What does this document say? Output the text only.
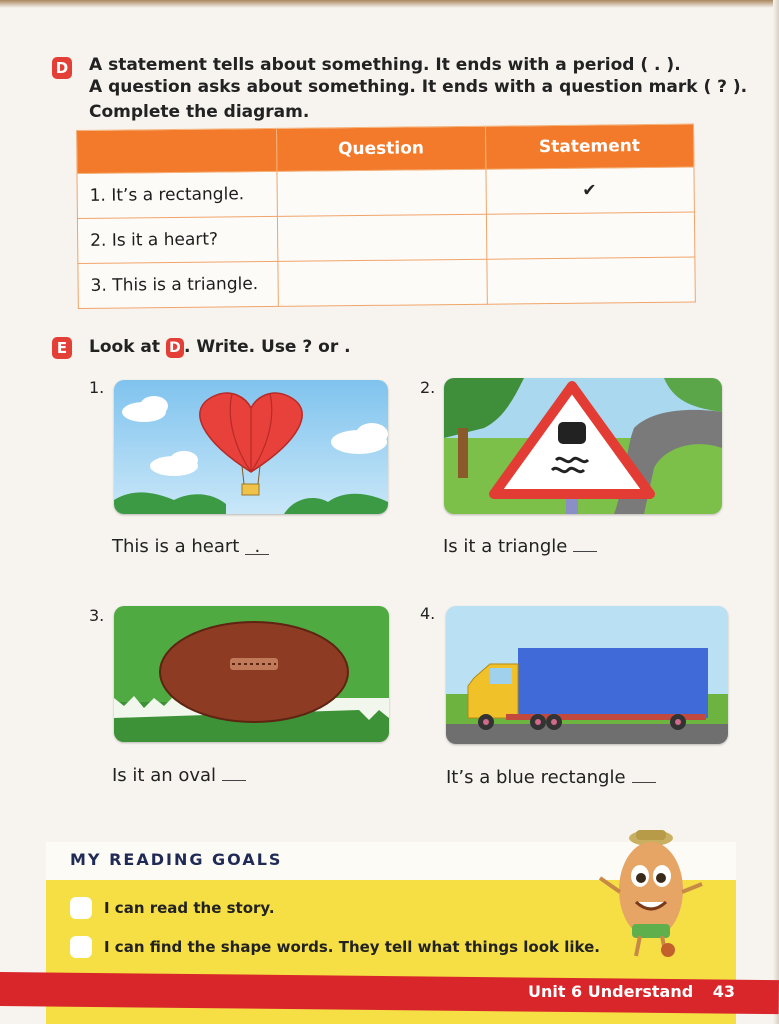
D A statement tells about something. It ends with a period ( . ).
A question asks about something. It ends with a question mark ( ? ).
Complete the diagram.
	Question	Statement
1. It’s a rectangle.		✔
2. Is it a heart?		
3. This is a triangle.		
E Look at D . Write. Use ? or .
1.
This is a heart .
2.
Is it a triangle
3.
Is it an oval
4.
It’s a blue rectangle
MY READING GOALS
I can read the story.
I can find the shape words. They tell what things look like.
Unit 6 Understand 43
